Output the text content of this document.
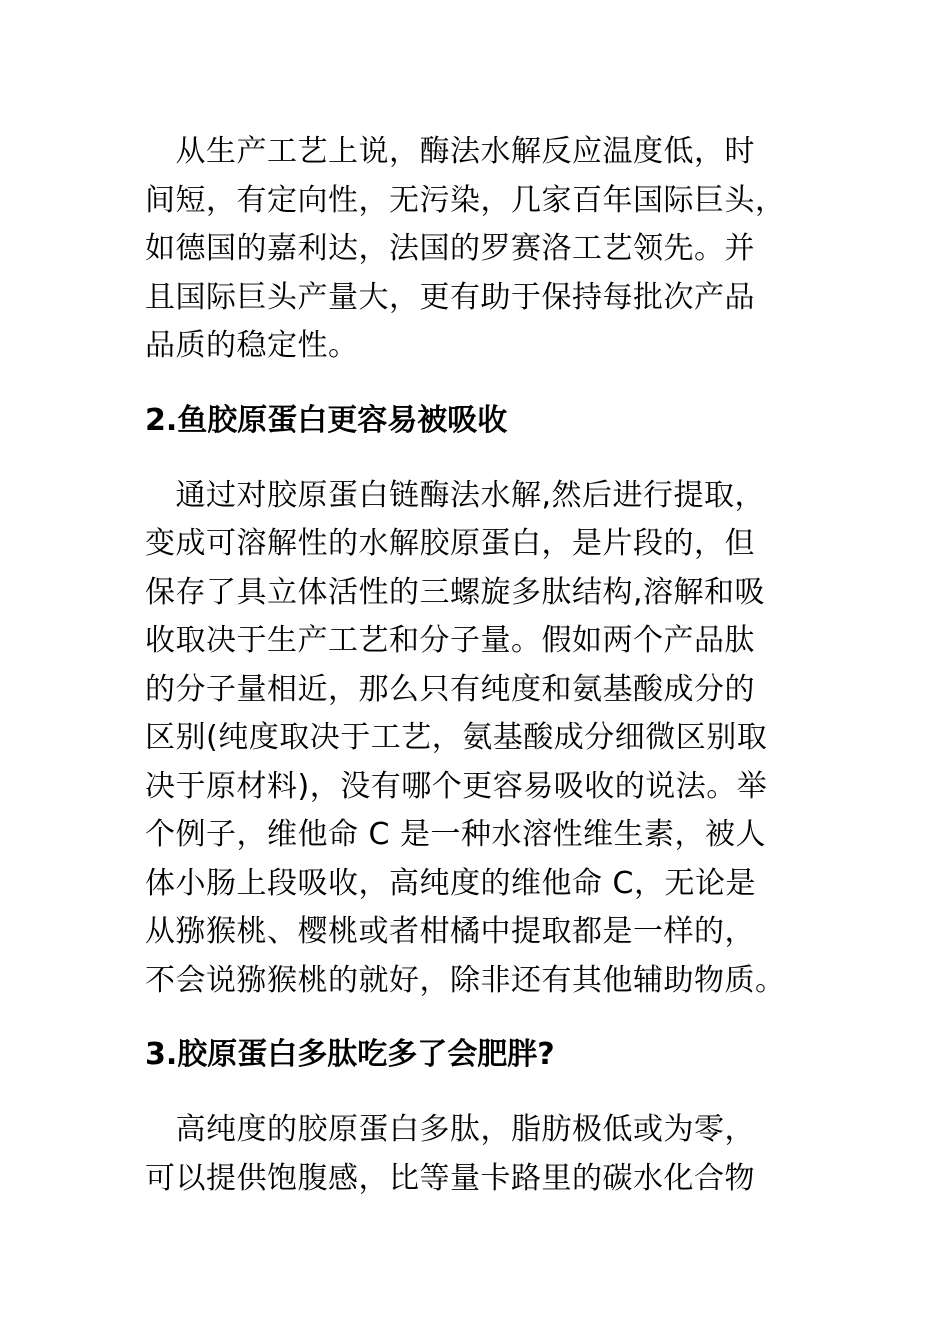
　从生产工艺上说，酶法水解反应温度低，时
间短，有定向性，无污染，几家百年国际巨头，
如德国的嘉利达，法国的罗赛洛工艺领先。并
且国际巨头产量大，更有助于保持每批次产品
品质的稳定性。

2.鱼胶原蛋白更容易被吸收

　通过对胶原蛋白链酶法水解,然后进行提取，
变成可溶解性的水解胶原蛋白，是片段的，但
保存了具立体活性的三螺旋多肽结构,溶解和吸
收取决于生产工艺和分子量。假如两个产品肽
的分子量相近，那么只有纯度和氨基酸成分的
区别(纯度取决于工艺，氨基酸成分细微区别取
决于原材料)，没有哪个更容易吸收的说法。举
个例子，维他命 C 是一种水溶性维生素，被人
体小肠上段吸收，高纯度的维他命 C，无论是
从猕猴桃、樱桃或者柑橘中提取都是一样的，
不会说猕猴桃的就好，除非还有其他辅助物质。

3.胶原蛋白多肽吃多了会肥胖?

　高纯度的胶原蛋白多肽，脂肪极低或为零，
可以提供饱腹感，比等量卡路里的碳水化合物
